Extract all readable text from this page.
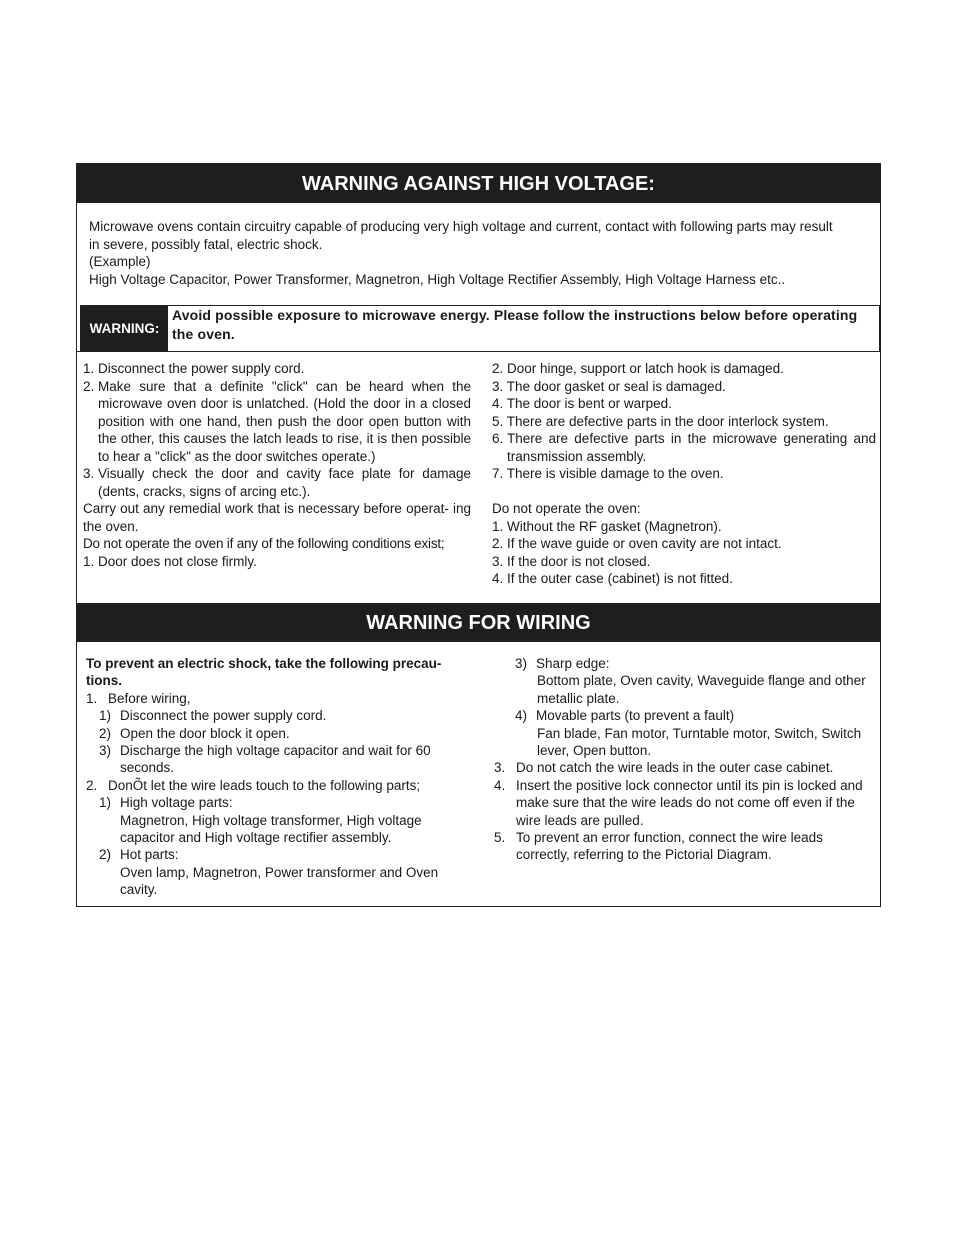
WARNING AGAINST HIGH VOLTAGE:
Microwave ovens contain circuitry capable of producing very high voltage and current, contact with following parts may result
in severe, possibly fatal, electric shock.
(Example)
High Voltage Capacitor, Power Transformer, Magnetron, High Voltage Rectifier Assembly, High Voltage Harness etc..
WARNING:
Avoid possible exposure to microwave energy. Please follow the instructions below before operating the oven.
1. Disconnect the power supply cord.
2. Make sure that a definite "click" can be heard when the microwave oven door is unlatched. (Hold the door in a closed position with one hand, then push the door open button with the other, this causes the latch leads to rise, it is then possible to hear a "click" as the door switches operate.)
3. Visually check the door and cavity face plate for damage (dents, cracks, signs of arcing etc.).
Carry out any remedial work that is necessary before operat- ing the oven.
Do not operate the oven if any of the following conditions exist;
1. Door does not close firmly.
2. Door hinge, support or latch hook is damaged.
3. The door gasket or seal is damaged.
4. The door is bent or warped.
5. There are defective parts in the door interlock system.
6. There are defective parts in the microwave generating and transmission assembly.
7. There is visible damage to the oven.
Do not operate the oven:
1. Without the RF gasket (Magnetron).
2. If the wave guide or oven cavity are not intact.
3. If the door is not closed.
4. If the outer case (cabinet) is not fitted.
WARNING FOR WIRING
To prevent an electric shock, take the following precau- tions.
1. Before wiring,
1) Disconnect the power supply cord.
2) Open the door block it open.
3) Discharge the high voltage capacitor and wait for 60 seconds.
2. DonÕt let the wire leads touch to the following parts;
1) High voltage parts:
Magnetron, High voltage transformer, High voltage capacitor and High voltage rectifier assembly.
2) Hot parts:
Oven lamp, Magnetron, Power transformer and Oven cavity.
3) Sharp edge:
Bottom plate, Oven cavity, Waveguide flange and other metallic plate.
4) Movable parts (to prevent a fault)
Fan blade, Fan motor, Turntable motor, Switch, Switch lever, Open button.
3. Do not catch the wire leads in the outer case cabinet.
4. Insert the positive lock connector until its pin is locked and make sure that the wire leads do not come off even if the wire leads are pulled.
5. To prevent an error function, connect the wire leads correctly, referring to the Pictorial Diagram.
